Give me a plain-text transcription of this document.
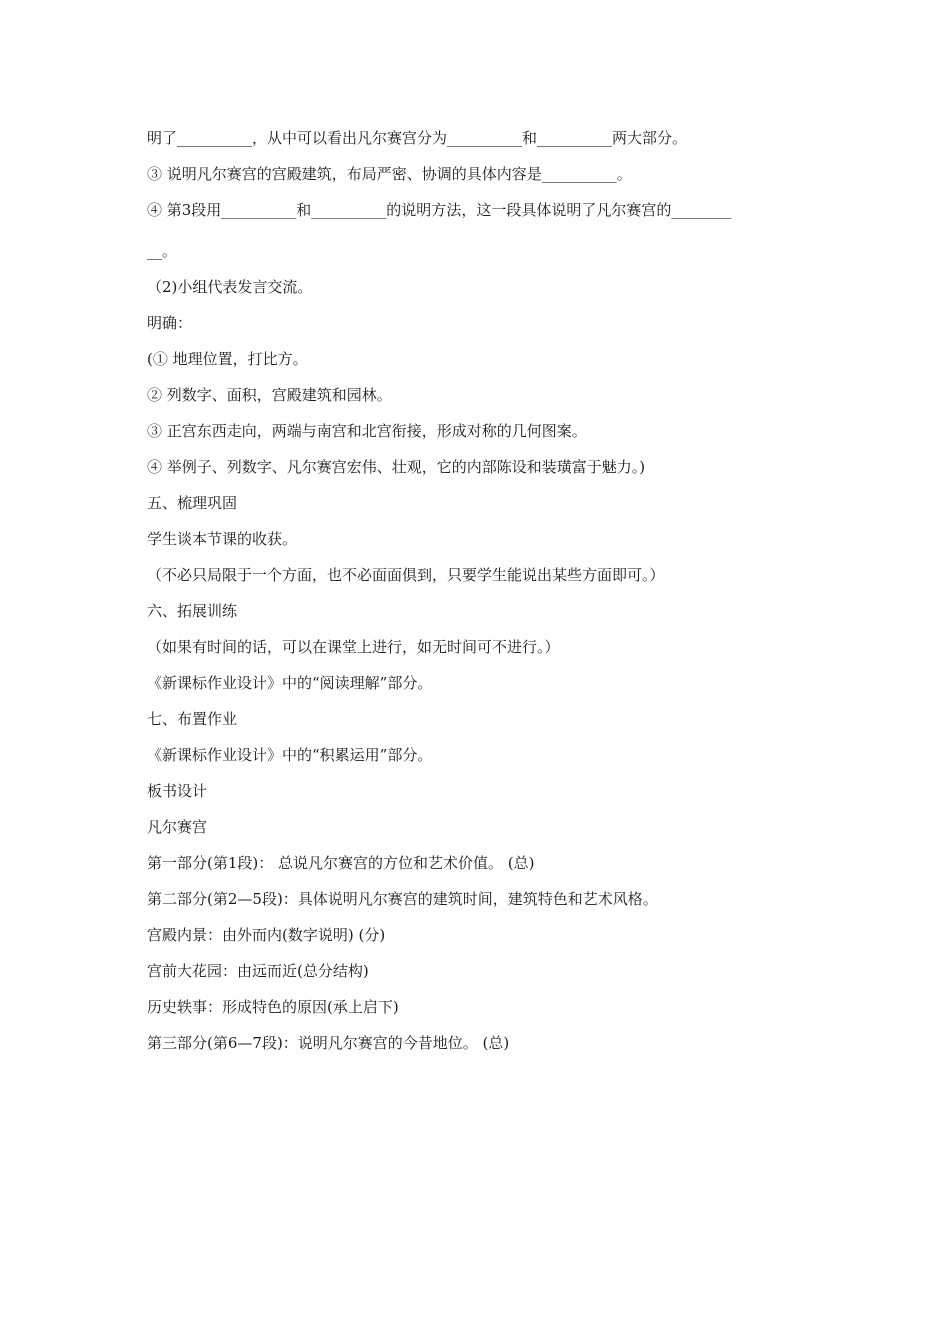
明了__________，从中可以看出凡尔赛宫分为__________和__________两大部分。
③ 说明凡尔赛宫的宫殿建筑，布局严密、协调的具体内容是__________。
④ 第3段用__________和__________的说明方法，这一段具体说明了凡尔赛宫的________
__。
（2)小组代表发言交流。
明确：
(① 地理位置，打比方。
② 列数字、面积，宫殿建筑和园林。
③ 正宫东西走向，两端与南宫和北宫衔接，形成对称的几何图案。
④ 举例子、列数字、凡尔赛宫宏伟、壮观，它的内部陈设和装璜富于魅力。)
五、梳理巩固
学生谈本节课的收获。
（不必只局限于一个方面，也不必面面俱到，只要学生能说出某些方面即可。）
六、拓展训练
（如果有时间的话，可以在课堂上进行，如无时间可不进行。）
《新课标作业设计》中的“阅读理解”部分。
七、布置作业
《新课标作业设计》中的“积累运用”部分。
板书设计
凡尔赛宫
第一部分(第1段)： 总说凡尔赛宫的方位和艺术价值。 (总)
第二部分(第2—5段)：具体说明凡尔赛宫的建筑时间，建筑特色和艺术风格。
宫殿内景：由外而内(数字说明) (分)
宫前大花园：由远而近(总分结构)
历史轶事：形成特色的原因(承上启下)
第三部分(第6—7段)：说明凡尔赛宫的今昔地位。 (总)
